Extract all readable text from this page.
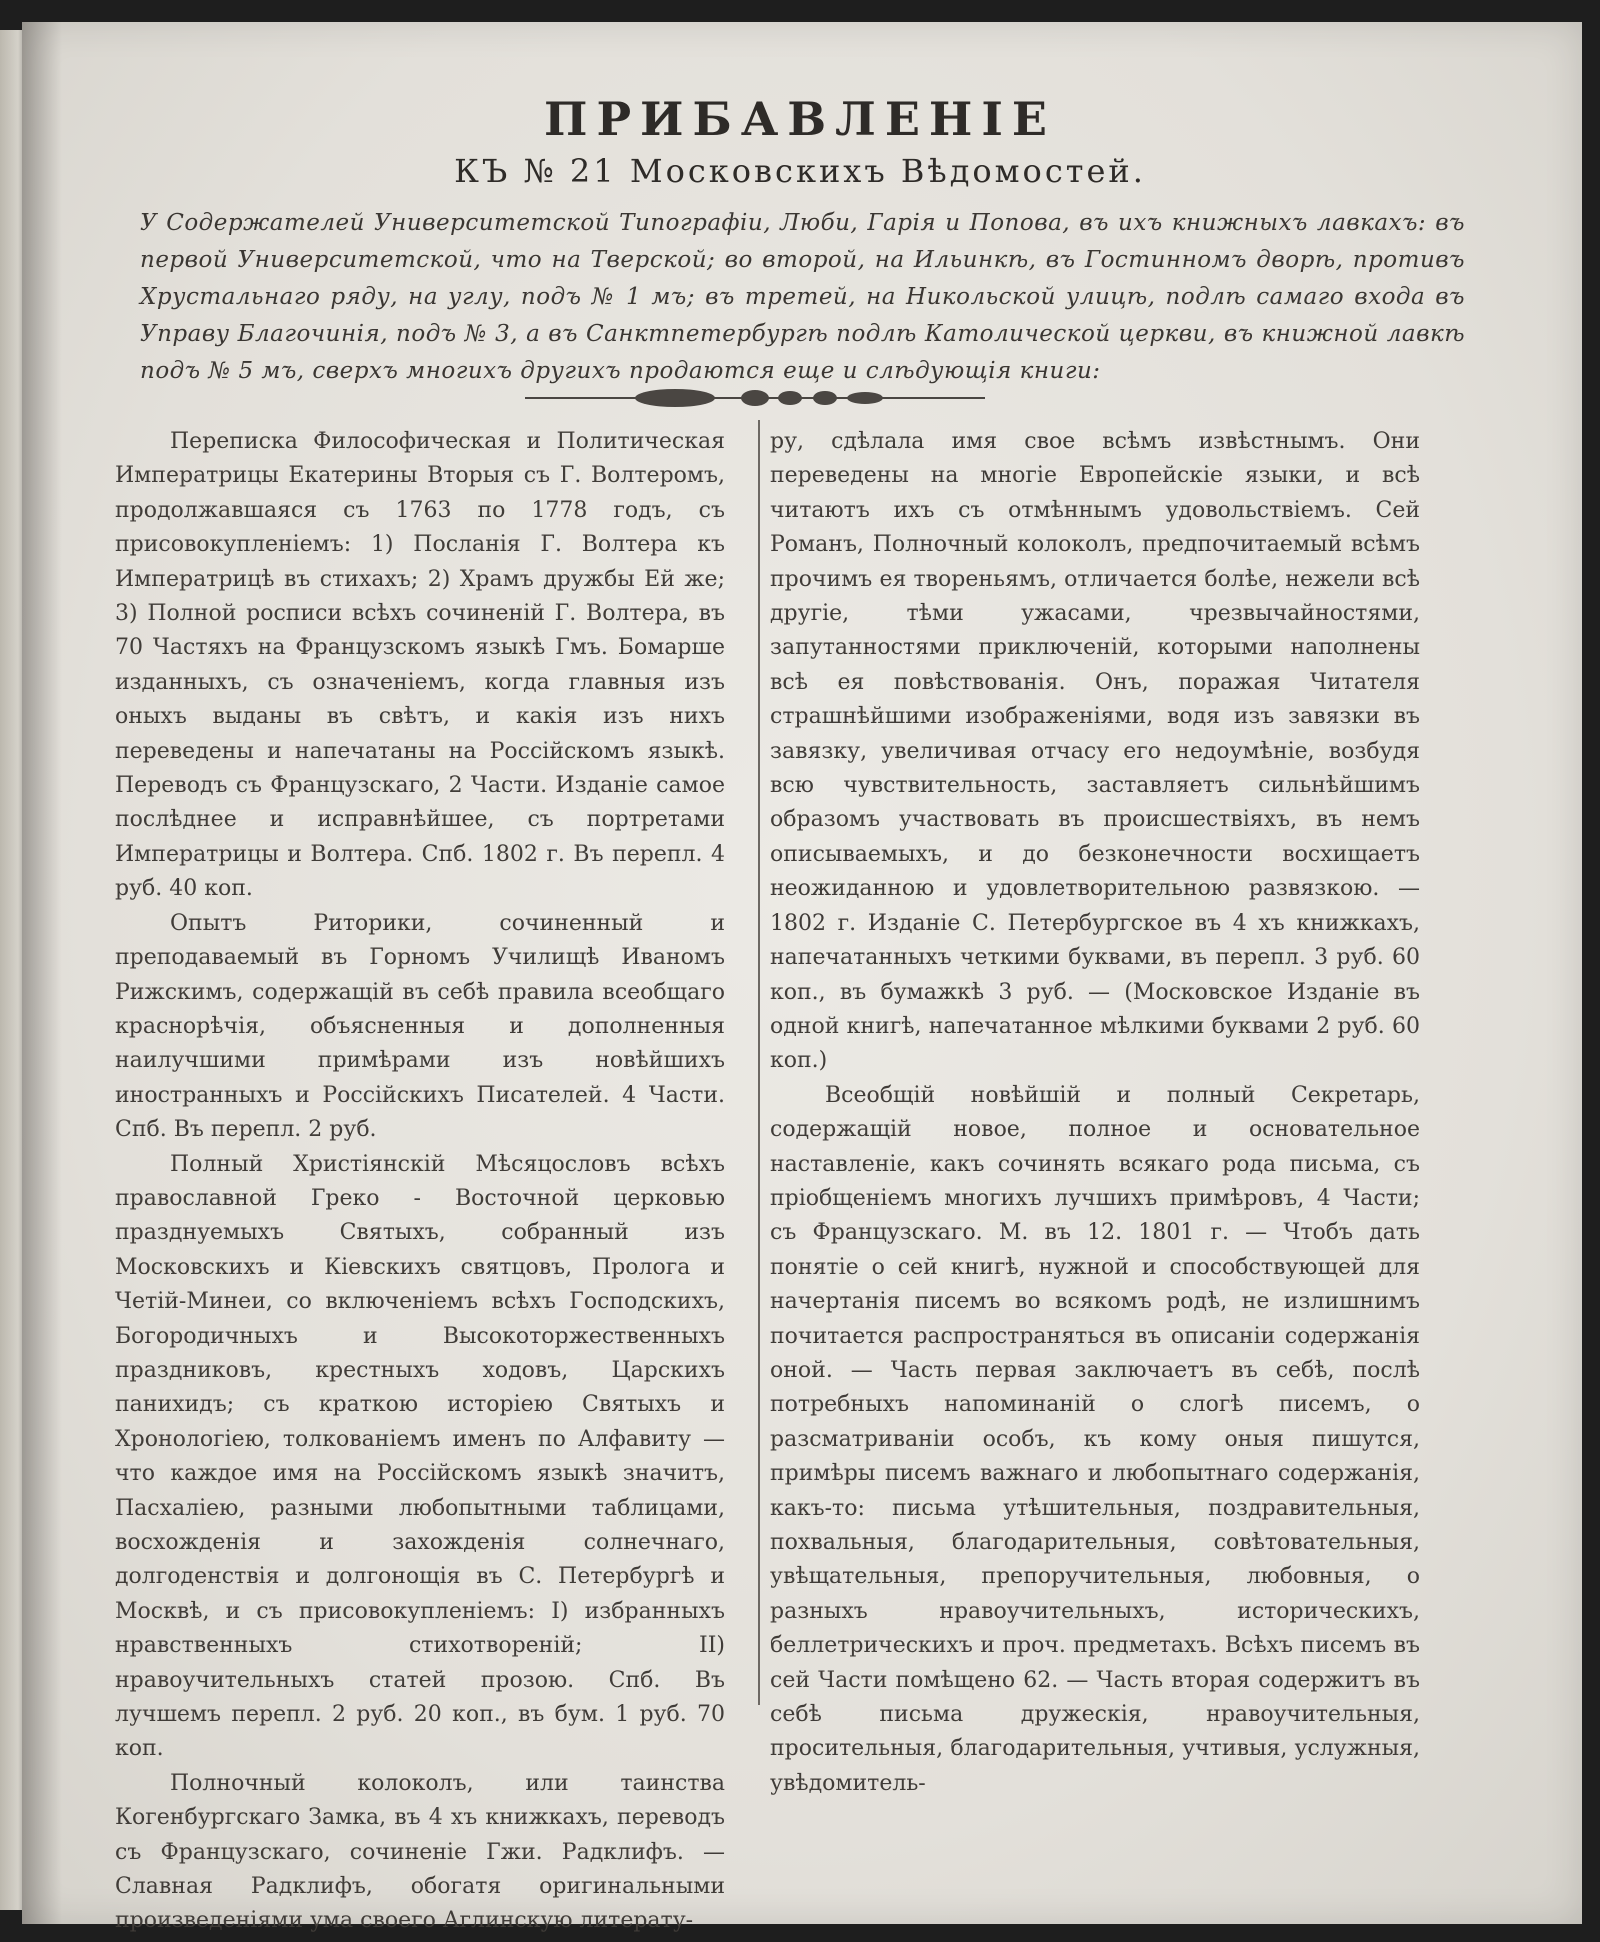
ПРИБАВЛЕНIЕ
КЪ № 21 Московскихъ Вѣдомостей.
У Содержателей Университетской Типографiи, Люби, Гарiя и Попова, въ ихъ книжныхъ лавкахъ: въ первой Университетской, что на Тверской; во второй, на Ильинкѣ, въ Гостинномъ дворѣ, противъ Хрустальнаго ряду, на углу, подъ № 1 мъ; въ третей, на Никольской улицѣ, подлѣ самаго входа въ Управу Благочинiя, подъ № 3, а въ Санктпетербургѣ подлѣ Католической церкви, въ книжной лавкѣ подъ № 5 мъ, сверхъ многихъ другихъ продаются еще и слѣдующiя книги:

Переписка Философическая и Политическая Императрицы Екатерины Вторыя съ Г. Волтеромъ, продолжавшаяся съ 1763 по 1778 годъ, съ присовокупленiемъ: 1) Посланiя Г. Волтера къ Императрицѣ въ стихахъ; 2) Храмъ дружбы Ей же; 3) Полной росписи всѣхъ сочиненiй Г. Волтера, въ 70 Частяхъ на Французскомъ языкѣ Гмъ. Бомарше изданныхъ, съ означенiемъ, когда главныя изъ оныхъ выданы въ свѣтъ, и какiя изъ нихъ переведены и напечатаны на Россiйскомъ языкѣ. Переводъ съ Французскаго, 2 Части. Изданiе самое послѣднее и исправнѣйшее, съ портретами Императрицы и Волтера. Спб. 1802 г. Въ перепл. 4 руб. 40 коп.

Опытъ Риторики, сочиненный и преподаваемый въ Горномъ Училищѣ Иваномъ Рижскимъ, содержащiй въ себѣ правила всеобщаго краснорѣчiя, объясненныя и дополненныя наилучшими примѣрами изъ новѣйшихъ иностранныхъ и Россiйскихъ Писателей. 4 Части. Спб. Въ перепл. 2 руб.

Полный Христiянскiй Мѣсяцословъ всѣхъ православной Греко - Восточной церковью празднуемыхъ Святыхъ, собранный изъ Московскихъ и Кiевскихъ святцовъ, Пролога и Четiй-Минеи, со включенiемъ всѣхъ Господскихъ, Богородичныхъ и Высокоторжественныхъ праздниковъ, крестныхъ ходовъ, Царскихъ панихидъ; съ краткою исторiею Святыхъ и Хронологiею, толкованiемъ именъ по Алфавиту — что каждое имя на Россiйскомъ языкѣ значитъ, Пасхалiею, разными любопытными таблицами, восхожденiя и захожденiя солнечнаго, долгоденствiя и долгонощiя въ С. Петербургѣ и Москвѣ, и съ присовокупленiемъ: I) избранныхъ нравственныхъ стихотворенiй; II) нравоучительныхъ статей прозою. Спб. Въ лучшемъ перепл. 2 руб. 20 коп., въ бум. 1 руб. 70 коп.

Полночный колоколъ, или таинства Когенбургскаго Замка, въ 4 хъ книжкахъ, переводъ съ Французскаго, сочиненiе Гжи. Радклифъ. — Славная Радклифъ, обогатя оригинальными произведенiями ума своего Аглинскую литерату-

ру, сдѣлала имя свое всѣмъ извѣстнымъ. Они переведены на многiе Европейскiе языки, и всѣ читаютъ ихъ съ отмѣннымъ удовольствiемъ. Сей Романъ, Полночный колоколъ, предпочитаемый всѣмъ прочимъ ея твореньямъ, отличается болѣе, нежели всѣ другiе, тѣми ужасами, чрезвычайностями, запутанностями приключенiй, которыми наполнены всѣ ея повѣствованiя. Онъ, поражая Читателя страшнѣйшими изображенiями, водя изъ завязки въ завязку, увеличивая отчасу его недоумѣнiе, возбудя всю чувствительность, заставляетъ сильнѣйшимъ образомъ участвовать въ происшествiяхъ, въ немъ описываемыхъ, и до безконечности восхищаетъ неожиданною и удовлетворительною развязкою. — 1802 г. Изданiе С. Петербургское въ 4 хъ книжкахъ, напечатанныхъ четкими буквами, въ перепл. 3 руб. 60 коп., въ бумажкѣ 3 руб. — (Московское Изданiе въ одной книгѣ, напечатанное мѣлкими буквами 2 руб. 60 коп.)

Всеобщiй новѣйшiй и полный Секретарь, содержащiй новое, полное и основательное наставленiе, какъ сочинять всякаго рода письма, съ прiобщенiемъ многихъ лучшихъ примѣровъ, 4 Части; съ Французскаго. М. въ 12. 1801 г. — Чтобъ дать понятiе о сей книгѣ, нужной и способствующей для начертанiя писемъ во всякомъ родѣ, не излишнимъ почитается распространяться въ описанiи содержанiя оной. — Часть первая заключаетъ въ себѣ, послѣ потребныхъ напоминанiй о слогѣ писемъ, о разсматриванiи особъ, къ кому оныя пишутся, примѣры писемъ важнаго и любопытнаго содержанiя, какъ-то: письма утѣшительныя, поздравительныя, похвальныя, благодарительныя, совѣтовательныя, увѣщательныя, препоручительныя, любовныя, о разныхъ нравоучительныхъ, историческихъ, беллетрическихъ и проч. предметахъ. Всѣхъ писемъ въ сей Части помѣщено 62. — Часть вторая содержитъ въ себѣ письма дружескiя, нравоучительныя, просительныя, благодарительныя, учтивыя, услужныя, увѣдомитель-
